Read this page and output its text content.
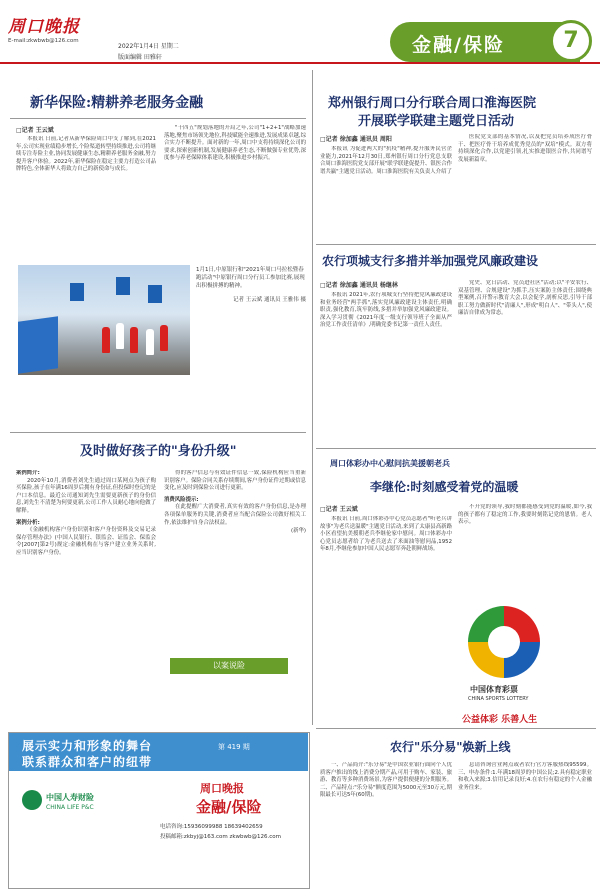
周口晚报
E-mail:zkwbwb@126.com
2022年1月4日 星期二
版面编辑 田雅轩
金融/保险	7
新华保险:精耕养老服务金融
□记者 王云斌

本报讯 日前,记者从新华保险周口中支了解到,在2021年,公司实现业绩稳步增长,个险渠道转型持续推进,公司将继续专注寿险主业,协同发展健康生态,精耕养老服务金融,努力提升客户体验。2022年,新华保险在稳定主要力打造公司品牌特色,全体新华人将致力自己的新使命与成长。

"十四五"规划落地的开局之年,公司"1+2+1"战略加速落地,聚焦市场领先地位,科技赋能全速推进,发展成果卓越,综合实力不断提升。面对新的一年,周口中支将持续深化公司的要求,探索创新机制,发展健康养老生态,不断做强专业优势,深度参与养老保障体系建设,积极推进乡村振兴。

1月1日,中原银行和"2021年周口马拉松暨春跑活动"中原银行周口分行员工参加比赛,展现出积极拼搏的精神。
记者 王云斌 通讯员 王雅伟 摄
及时做好孩子的"身份升级"
案例简介:

2020年10月,消费者刘先生通过周口某网点为孩子购买保险,孩子在年满16周岁后拥有身份证,但投保时登记的是户口本信息。最近公司通知刘先生需要更新孩子的身份信息,刘先生不清楚为何要更新,公司工作人员耐心地向他做了解释。

案例分析:

《金融机构客户身份识别和客户身份资料及交易记录保存管理办法》(中国人民银行、银监会、证监会、保监会令[2007]第2号)规定:金融机构在与客户建立业务关系时,应当识别客户身份。

得的客户信息与有效证件信息一致,保险机构应当重新识别客户。保险合同关系存续期间,客户身份证件过期或信息变化,应及时到保险公司进行更新。

消费风险提示:

在此提醒广大消费者,真实有效的客户身份信息,是办理各项保单服务的关键,消费者应当配合保险公司做好相关工作,依法维护自身合法权益。

(新华)
以案说险
郑州银行周口分行联合周口淮海医院
开展联学联建主题党日活动
□记者 徐加鑫 通讯员 周阳

本报讯 为促进两大的"抗疫"精神,提升服务民营企业能力,2021年12月30日,郑州银行周口分行党总支联合周口淮海医院党支部开展"联学联建促提升、银医合作谱共赢"主题党日活动。周口淮海医院有关负责人介绍了

医院党支部的基本情况,以及把党员培养成医疗骨干、把医疗骨干培养成优秀党员的"双培"模式。双方将持续深化合作,以党建引领,扎实推进银医合作,共同谱写发展新篇章。

农行项城支行多措并举加强党风廉政建设
□记者 徐加鑫 通讯员 杨继林

本报讯 2021年,农行项城支行坚持把党风廉政建设和业务经营"两手抓",落实党风廉政建设主体责任,明确职责,强化教育,筑牢防线,多措并举加强党风廉政建设。深入学习贯彻《2021年度一级支行领导班子全面从严治党工作责任清单》,明确党委书记第一责任人责任。

党史、党日活动、党员进社区"活动;以"平安农行、双基管理、合规建设"为抓手,压实案防主体责任;围绕典型案例,召开警示教育大会,以会促学,剖析反思,引导干部职工努力做新时代"清廉人",形成"明白人"、"带头人",使廉洁自律成为常态。

周口体彩办中心慰问抗美援朝老兵
李继伦:时刻感受着党的温暖
□记者 王云斌

本报讯 日前,周口体彩办中心党员志愿者"听老兵讲故事"为老兵送温暖"主题党日活动,来到了太康县高新路小区看望抗美援朝老兵李继伦家中慰问。周口体彩办中心党员志愿者给了为老兵送去了米面油等慰问品,1952年8月,李继伦参加中国人民志愿军奔赴朝鲜战场。

不开党的领导,我时刻都能感受到党的温暖,如今,我的孩子都有了稳定的工作,我要时刻铭记党的恩情。老人表示。

中国体育彩票
CHINA SPORTS LOTTERY
公益体彩 乐善人生
农行"乐分易"焕新上线

一、产品简介:"乐分易"是中国农业银行面向个人优质客户推出的线上消费分期产品,可用于购车、家装、旅游、教育等多种消费场景,为客户提供便捷的分期服务。二、产品特点:"乐分易"额度范围为5000元至30万元,期限最长可达5年(60期)。

息请咨询营业网点或者农行官方客服热线95599。三、申办条件:1.年满18周岁的中国公民;2.具有稳定职业和收入来源;3.信用记录良好;4.在农行有稳定的个人金融业务往来。

展示实力和形象的舞台
联系群众和客户的纽带
第 419 期
周口晚报
金融/保险
电话咨询:15936099988 18639402659
投稿邮箱:zkbyj@163.com zkwbwb@126.com
中国人寿财险
CHINA LIFE P&C
